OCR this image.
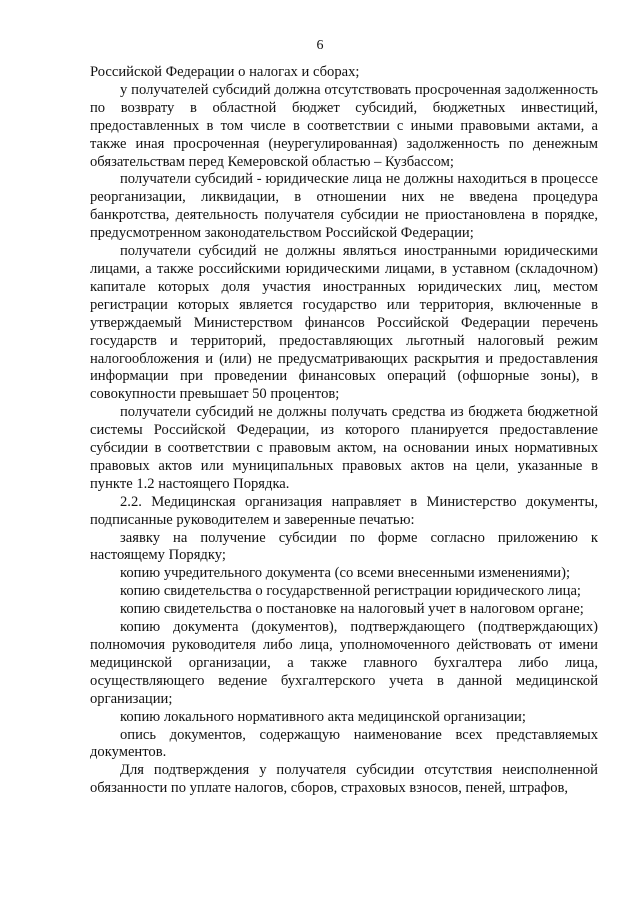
6

Российской Федерации о налогах и сборах;

у получателей субсидий должна отсутствовать просроченная задолженность по возврату в областной бюджет субсидий, бюджетных инвестиций, предоставленных в том числе в соответствии с иными правовыми актами, а также иная просроченная (неурегулированная) задолженность по денежным обязательствам перед Кемеровской областью – Кузбассом;

получатели субсидий - юридические лица не должны находиться в процессе реорганизации, ликвидации, в отношении них не введена процедура банкротства, деятельность получателя субсидии не приостановлена в порядке, предусмотренном законодательством Российской Федерации;

получатели субсидий не должны являться иностранными юридическими лицами, а также российскими юридическими лицами, в уставном (складочном) капитале которых доля участия иностранных юридических лиц, местом регистрации которых является государство или территория, включенные в утверждаемый Министерством финансов Российской Федерации перечень государств и территорий, предоставляющих льготный налоговый режим налогообложения и (или) не предусматривающих раскрытия и предоставления информации при проведении финансовых операций (офшорные зоны), в совокупности превышает 50 процентов;

получатели субсидий не должны получать средства из бюджета бюджетной системы Российской Федерации, из которого планируется предоставление субсидии в соответствии с правовым актом, на основании иных нормативных правовых актов или муниципальных правовых актов на цели, указанные в пункте 1.2 настоящего Порядка.

2.2. Медицинская организация направляет в Министерство документы, подписанные руководителем и заверенные печатью:

заявку на получение субсидии по форме согласно приложению к настоящему Порядку;

копию учредительного документа (со всеми внесенными изменениями);

копию свидетельства о государственной регистрации юридического лица;

копию свидетельства о постановке на налоговый учет в налоговом органе;

копию документа (документов), подтверждающего (подтверждающих) полномочия руководителя либо лица, уполномоченного действовать от имени медицинской организации, а также главного бухгалтера либо лица, осуществляющего ведение бухгалтерского учета в данной медицинской организации;

копию локального нормативного акта медицинской организации;

опись документов, содержащую наименование всех представляемых документов.

Для подтверждения у получателя субсидии отсутствия неисполненной обязанности по уплате налогов, сборов, страховых взносов, пеней, штрафов,
